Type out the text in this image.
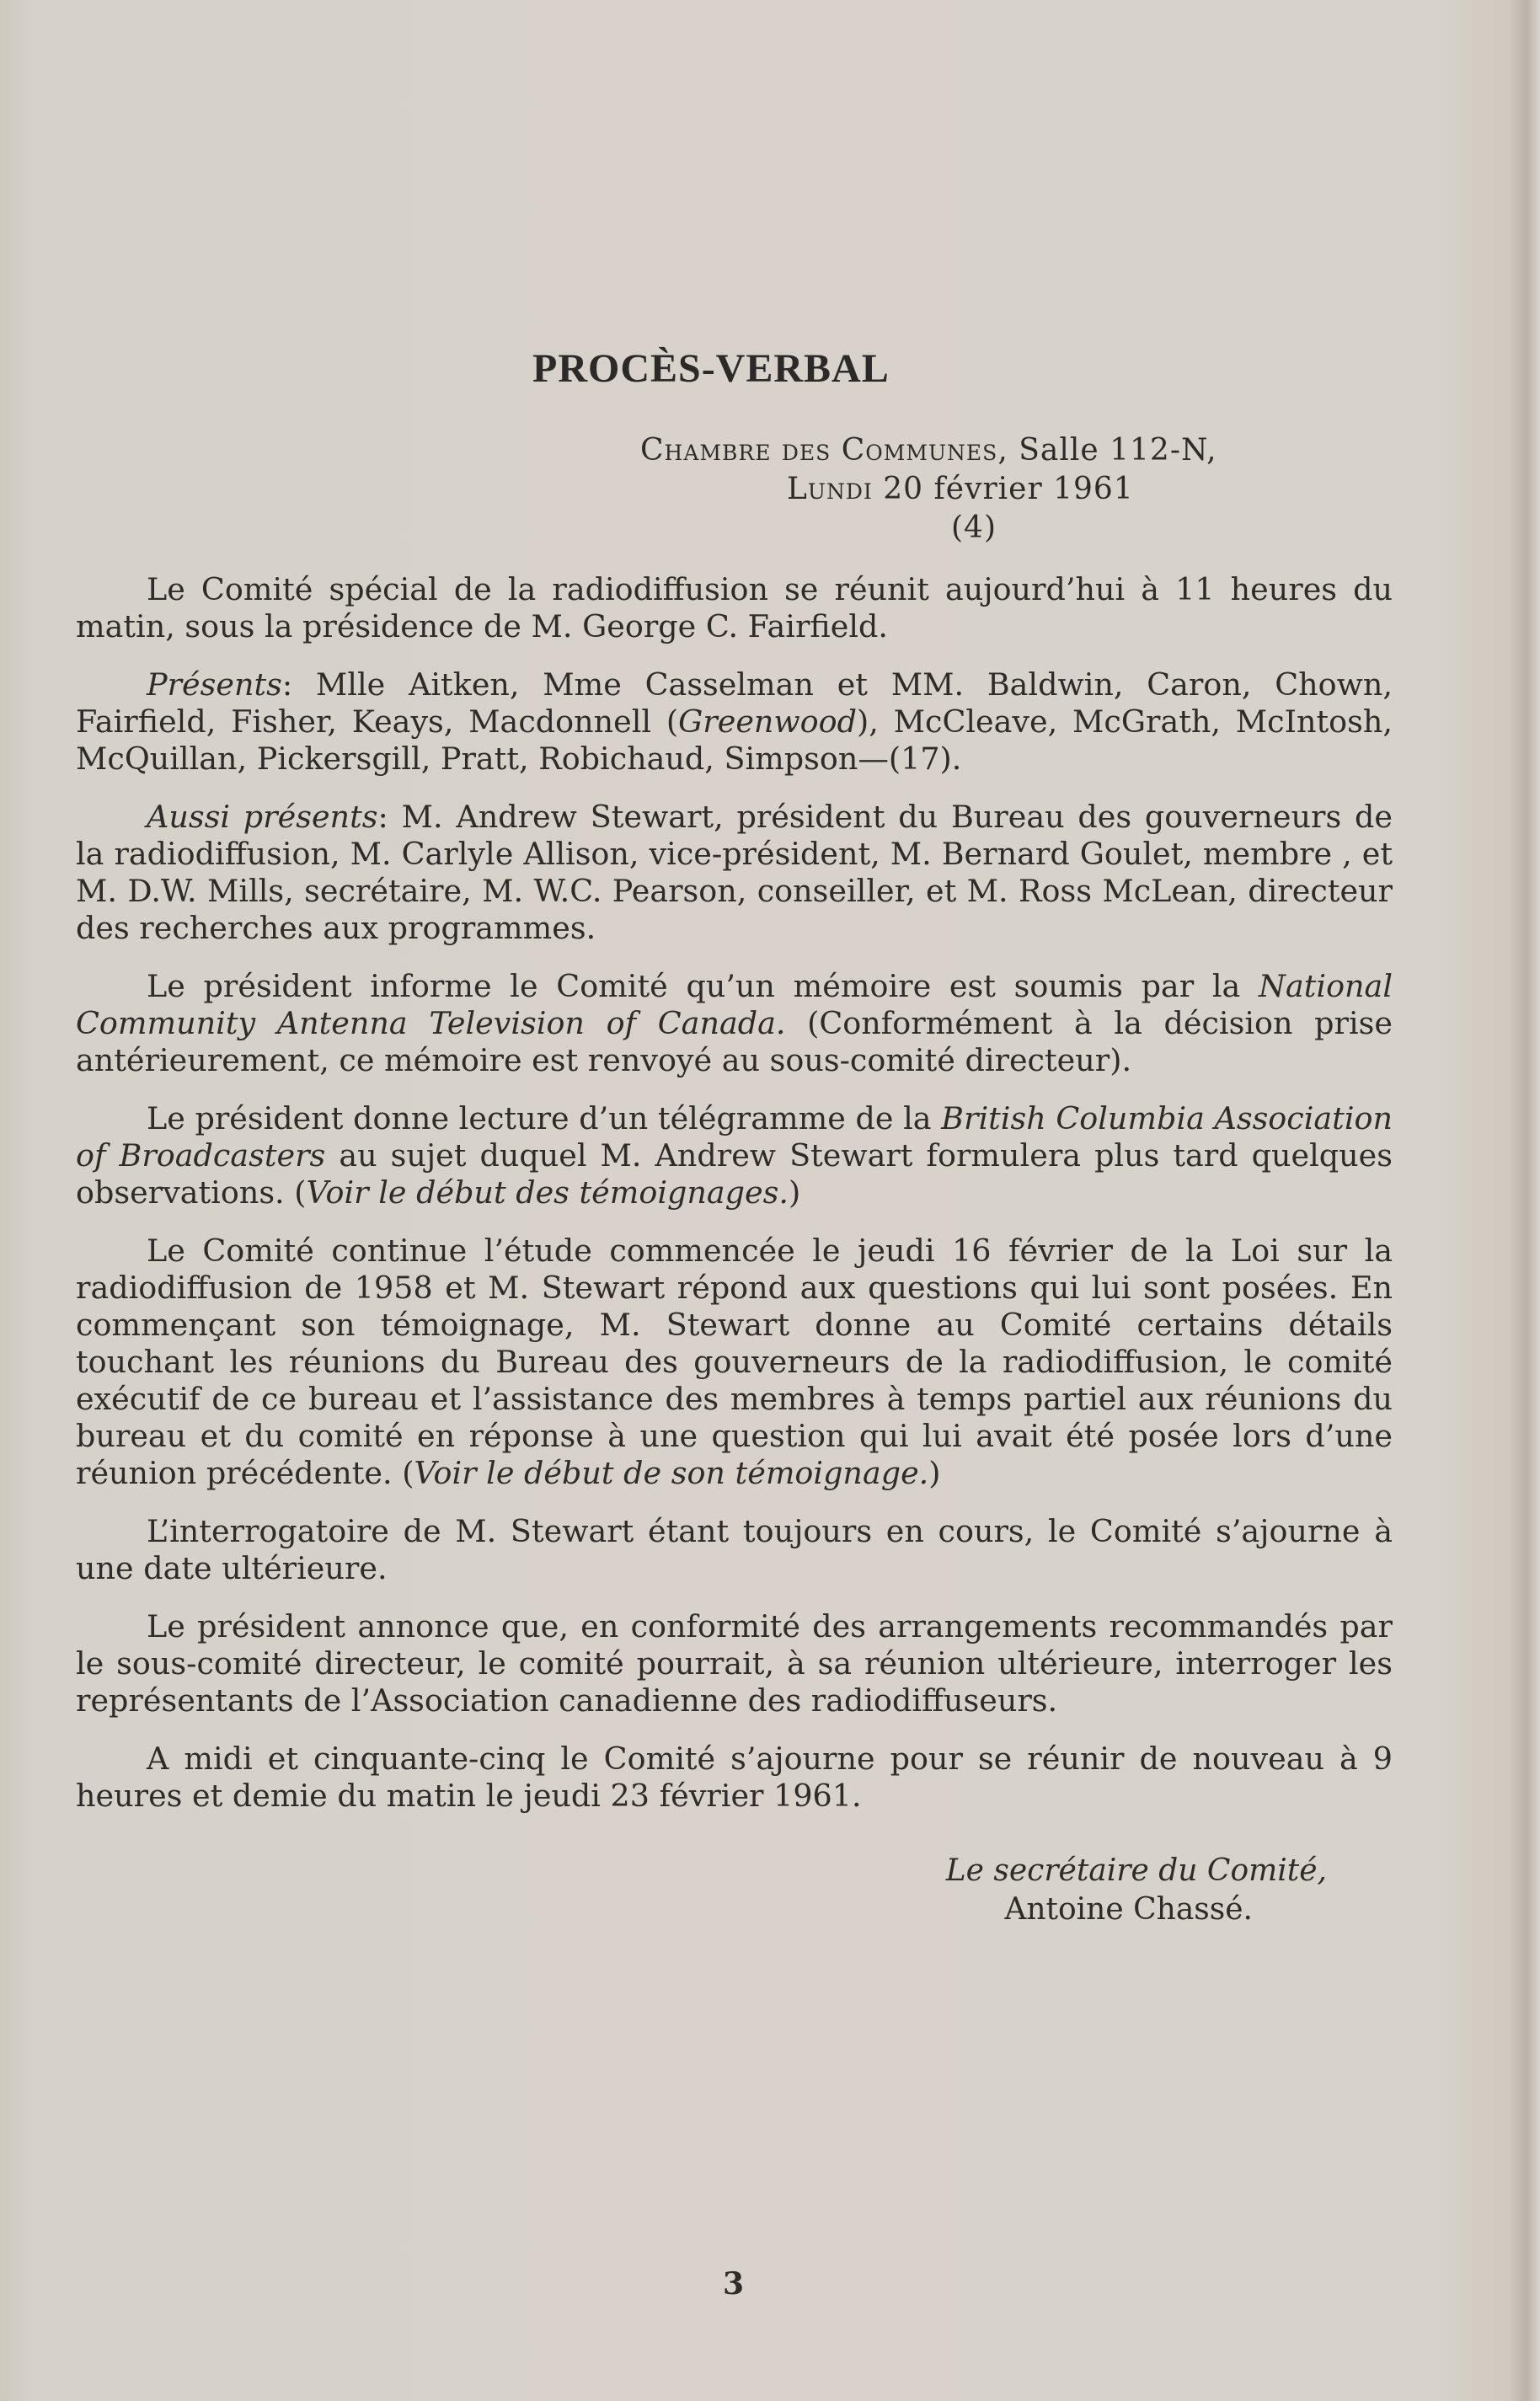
PROCÈS-VERBAL
Chambre des Communes, Salle 112-N,
Lundi 20 février 1961
(4)

Le Comité spécial de la radiodiffusion se réunit aujourd’hui à 11 heures du matin, sous la présidence de M. George C. Fairfield.

Présents: Mlle Aitken, Mme Casselman et MM. Baldwin, Caron, Chown, Fairfield, Fisher, Keays, Macdonnell (Greenwood), McCleave, McGrath, McIntosh, McQuillan, Pickersgill, Pratt, Robichaud, Simpson—(17).

Aussi présents: M. Andrew Stewart, président du Bureau des gouverneurs de la radiodiffusion, M. Carlyle Allison, vice-président, M. Bernard Goulet, membre , et M. D.W. Mills, secrétaire, M. W.C. Pearson, conseiller, et M. Ross McLean, directeur des recherches aux programmes.

Le président informe le Comité qu’un mémoire est soumis par la National Community Antenna Television of Canada. (Conformément à la décision prise antérieurement, ce mémoire est renvoyé au sous-comité directeur).

Le président donne lecture d’un télégramme de la British Columbia Association of Broadcasters au sujet duquel M. Andrew Stewart formulera plus tard quelques observations. (Voir le début des témoignages.)

Le Comité continue l’étude commencée le jeudi 16 février de la Loi sur la radiodiffusion de 1958 et M. Stewart répond aux questions qui lui sont posées. En commençant son témoignage, M. Stewart donne au Comité certains détails touchant les réunions du Bureau des gouverneurs de la radiodiffusion, le comité exécutif de ce bureau et l’assistance des membres à temps partiel aux réunions du bureau et du comité en réponse à une question qui lui avait été posée lors d’une réunion précédente. (Voir le début de son témoignage.)

L’interrogatoire de M. Stewart étant toujours en cours, le Comité s’ajourne à une date ultérieure.

Le président annonce que, en conformité des arrangements recommandés par le sous-comité directeur, le comité pourrait, à sa réunion ultérieure, interroger les représentants de l’Association canadienne des radiodiffuseurs.

A midi et cinquante-cinq le Comité s’ajourne pour se réunir de nouveau à 9 heures et demie du matin le jeudi 23 février 1961.

Le secrétaire du Comité,
Antoine Chassé.
3
